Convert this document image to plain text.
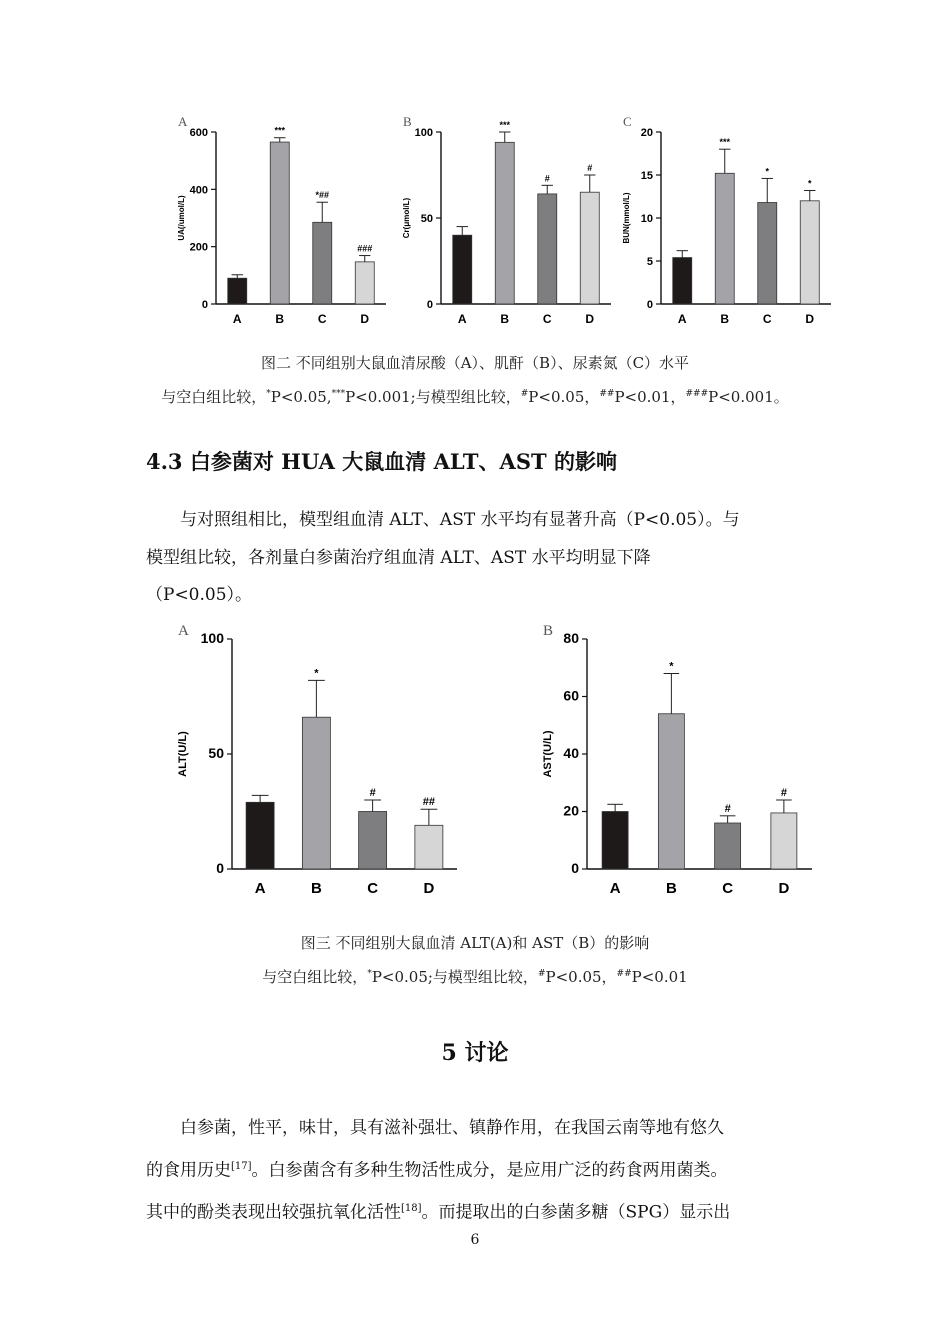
A
0
200
400
600
UA(/umol/L)
A
***
B
*##
C
###
D
B
0
50
100
Cr(μmol/L)
A
***
B
#
C
#
D
C
0
5
10
15
20
BUN(mmol/L)
A
***
B
*
C
*
D
图二 不同组别大鼠血清尿酸（A）、肌酐（B）、尿素氮（C）水平
与空白组比较，*P<0.05,***P<0.001;与模型组比较，#P<0.05，##P<0.01，###P<0.001。
4.3 白参菌对 HUA 大鼠血清 ALT、AST 的影响
与对照组相比，模型组血清 ALT、AST 水平均有显著升高（P<0.05）。与
模型组比较，各剂量白参菌治疗组血清 ALT、AST 水平均明显下降
（P<0.05）。
A
0
50
100
ALT(U/L)
A
*
B
#
C
##
D
B
0
20
40
60
80
AST(U/L)
A
*
B
#
C
#
D
图三 不同组别大鼠血清 ALT(A)和 AST（B）的影响
与空白组比较，*P<0.05;与模型组比较，#P<0.05，##P<0.01
5 讨论
白参菌，性平，味甘，具有滋补强壮、镇静作用，在我国云南等地有悠久
的食用历史[17]。白参菌含有多种生物活性成分，是应用广泛的药食两用菌类。
其中的酚类表现出较强抗氧化活性[18]。而提取出的白参菌多糖（SPG）显示出
6
